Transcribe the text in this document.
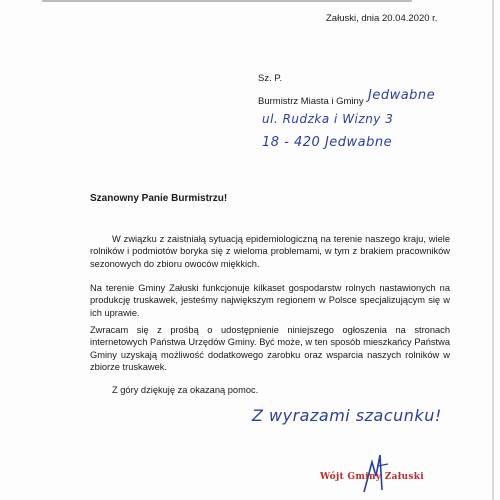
Załuski, dnia 20.04.2020 r.
Sz. P.
Burmistrz Miasta i Gminy Jedwabne
ul. Rudzka i Wizny 3
18 - 420 Jedwabne
Szanowny Panie Burmistrzu!
W związku z zaistniałą sytuacją epidemiologiczną na terenie naszego kraju, wiele rolników i podmiotów boryka się z wieloma problemami, w tym z brakiem pracowników sezonowych do zbioru owoców miękkich.
Na terenie Gminy Załuski funkcjonuje kilkaset gospodarstw rolnych nastawionych na produkcję truskawek, jesteśmy największym regionem w Polsce specjalizującym się w ich uprawie.
Zwracam się z prośbą o udostępnienie niniejszego ogłoszenia na stronach internetowych Państwa Urzędów Gminy. Być może, w ten sposób mieszkańcy Państwa Gminy uzyskają możliwość dodatkowego zarobku oraz wsparcia naszych rolników w zbiorze truskawek.
Z góry dziękuję za okazaną pomoc.
Z wyrazami szacunku!
Wójt Gminy Załuski
